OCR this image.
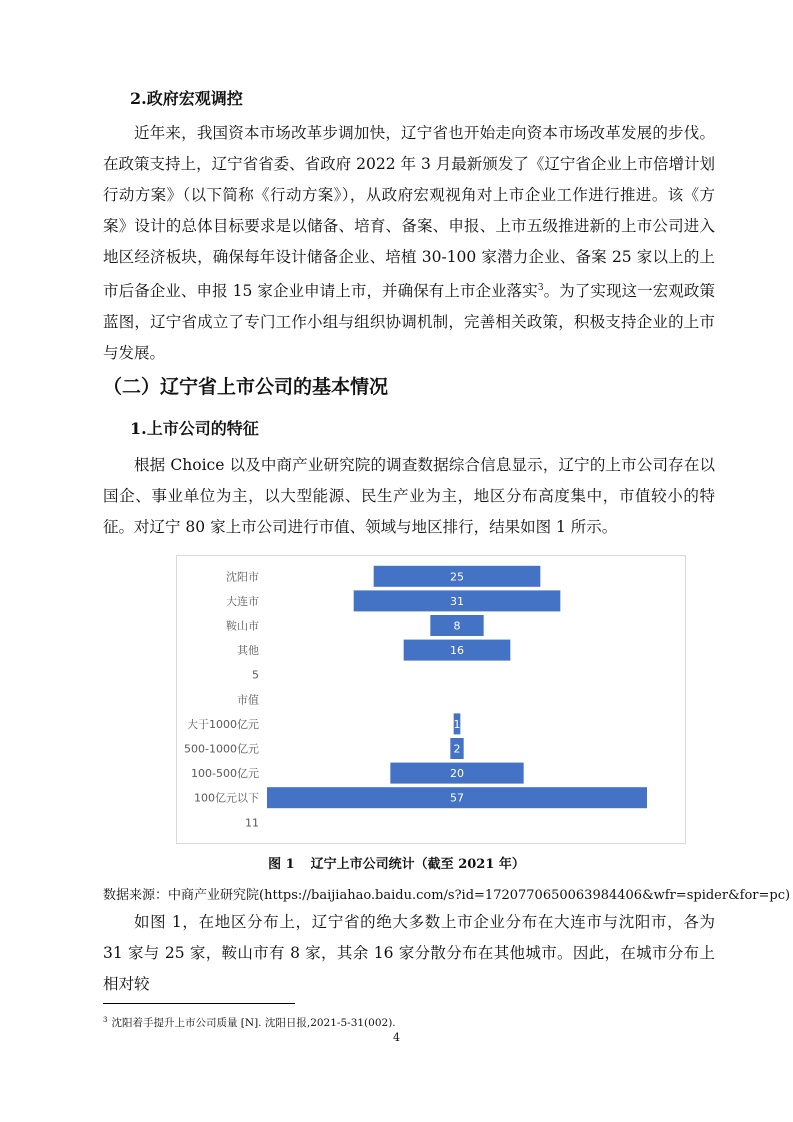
2.政府宏观调控

近年来，我国资本市场改革步调加快，辽宁省也开始走向资本市场改革发展的步伐。在政策支持上，辽宁省省委、省政府 2022 年 3 月最新颁发了《辽宁省企业上市倍增计划行动方案》（以下简称《行动方案》），从政府宏观视角对上市企业工作进行推进。该《方案》设计的总体目标要求是以储备、培育、备案、申报、上市五级推进新的上市公司进入地区经济板块，确保每年设计储备企业、培植 30-100 家潜力企业、备案 25 家以上的上市后备企业、申报 15 家企业申请上市，并确保有上市企业落实$^3$。为了实现这一宏观政策蓝图，辽宁省成立了专门工作小组与组织协调机制，完善相关政策，积极支持企业的上市与发展。

（二）辽宁省上市公司的基本情况
1.上市公司的特征

根据 Choice 以及中商产业研究院的调查数据综合信息显示，辽宁的上市公司存在以国企、事业单位为主，以大型能源、民生产业为主，地区分布高度集中，市值较小的特征。对辽宁 80 家上市公司进行市值、领域与地区排行，结果如图 1 所示。

沈阳市	25
大连市	31
鞍山市	8
其他	16
5
市值
大于1000亿元	1
500-1000亿元	2
100-500亿元	20
100亿元以下	57
11
图 1 辽宁上市公司统计（截至 2021 年）
数据来源：中商产业研究院(https://baijiahao.baidu.com/s?id=1720770650063984406&wfr=spider&for=pc)

如图 1，在地区分布上，辽宁省的绝大多数上市企业分布在大连市与沈阳市，各为 31 家与 25 家，鞍山市有 8 家，其余 16 家分散分布在其他城市。因此，在城市分布上相对较

$^3$ 沈阳着手提升上市公司质量 [N]. 沈阳日报,2021-5-31(002).
4
